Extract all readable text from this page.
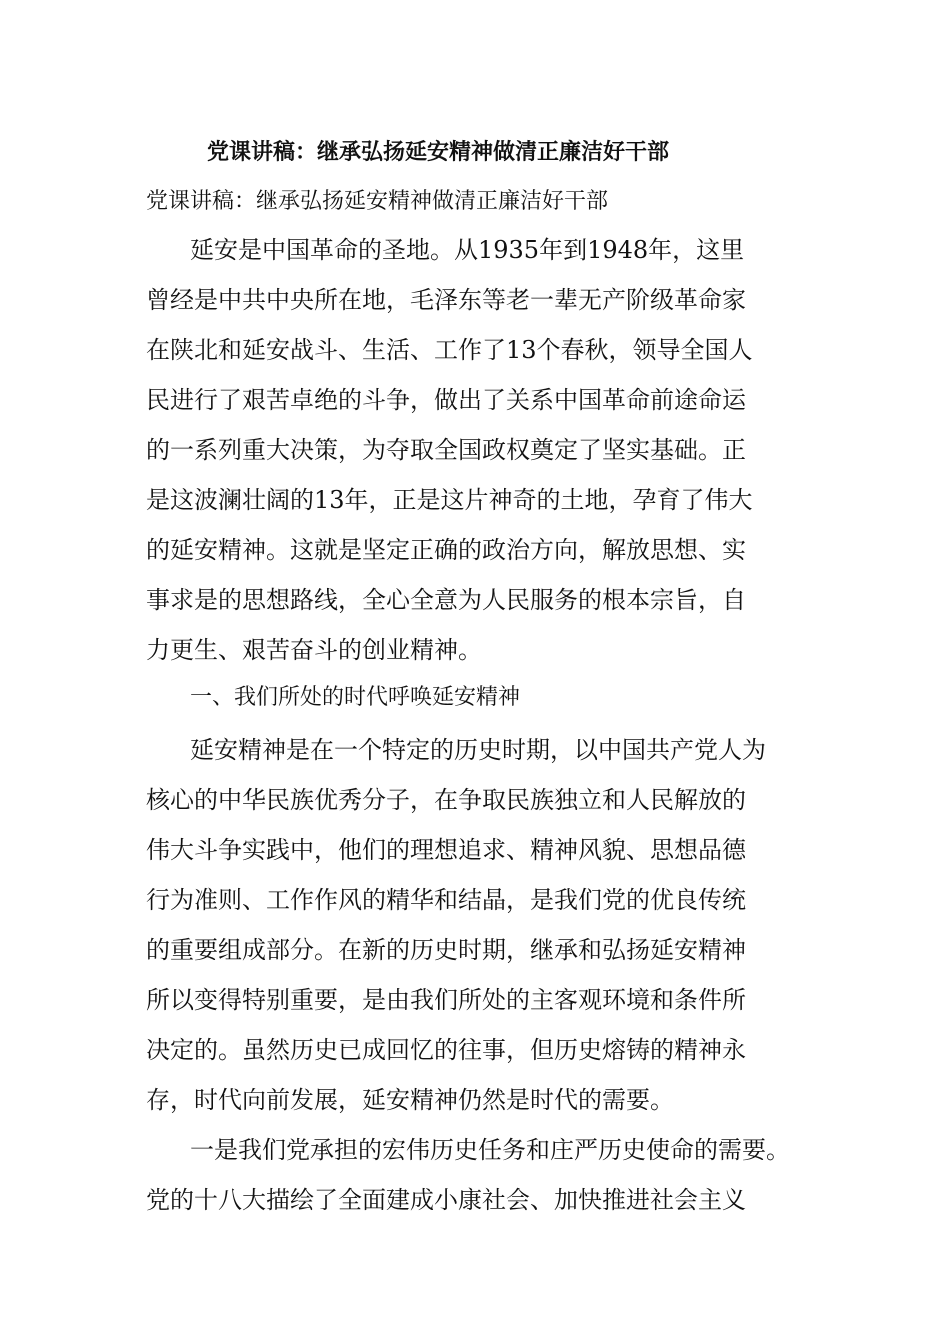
党课讲稿：继承弘扬延安精神做清正廉洁好干部
党课讲稿：继承弘扬延安精神做清正廉洁好干部
延安是中国革命的圣地。从1935年到1948年，这里
曾经是中共中央所在地，毛泽东等老一辈无产阶级革命家
在陕北和延安战斗、生活、工作了13个春秋，领导全国人
民进行了艰苦卓绝的斗争，做出了关系中国革命前途命运
的一系列重大决策，为夺取全国政权奠定了坚实基础。正
是这波澜壮阔的13年，正是这片神奇的土地，孕育了伟大
的延安精神。这就是坚定正确的政治方向，解放思想、实
事求是的思想路线，全心全意为人民服务的根本宗旨，自
力更生、艰苦奋斗的创业精神。
一、我们所处的时代呼唤延安精神
延安精神是在一个特定的历史时期，以中国共产党人为
核心的中华民族优秀分子，在争取民族独立和人民解放的
伟大斗争实践中，他们的理想追求、精神风貌、思想品德
行为准则、工作作风的精华和结晶，是我们党的优良传统
的重要组成部分。在新的历史时期，继承和弘扬延安精神
所以变得特别重要，是由我们所处的主客观环境和条件所
决定的。虽然历史已成回忆的往事，但历史熔铸的精神永
存，时代向前发展，延安精神仍然是时代的需要。
一是我们党承担的宏伟历史任务和庄严历史使命的需要。
党的十八大描绘了全面建成小康社会、加快推进社会主义
